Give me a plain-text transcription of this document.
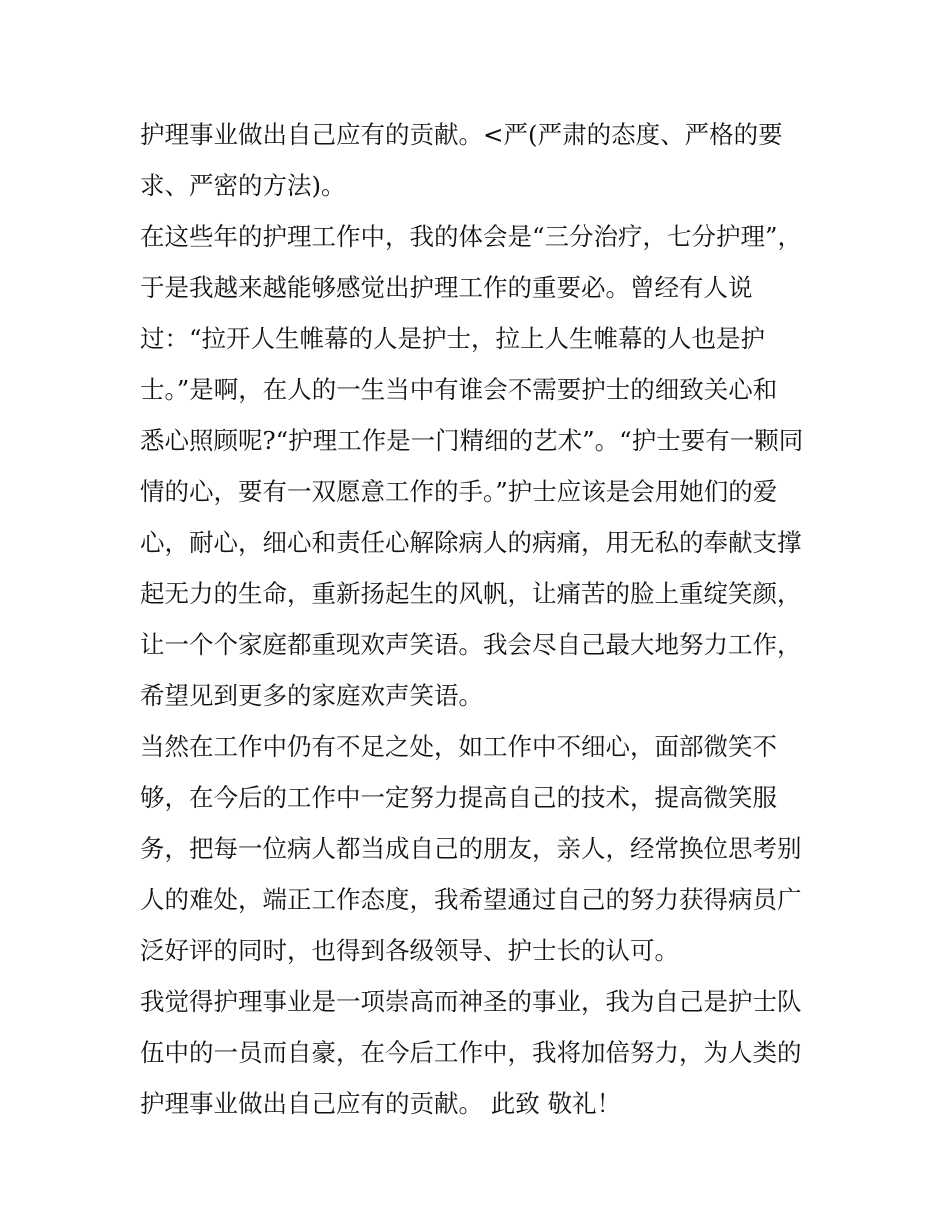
护理事业做出自己应有的贡献。<严(严肃的态度、严格的要
求、严密的方法)。
在这些年的护理工作中，我的体会是“三分治疗，七分护理”，
于是我越来越能够感觉出护理工作的重要必。曾经有人说
过：“拉开人生帷幕的人是护士，拉上人生帷幕的人也是护
士。”是啊，在人的一生当中有谁会不需要护士的细致关心和
悉心照顾呢?“护理工作是一门精细的艺术”。“护士要有一颗同
情的心，要有一双愿意工作的手。”护士应该是会用她们的爱
心，耐心，细心和责任心解除病人的病痛，用无私的奉献支撑
起无力的生命，重新扬起生的风帆，让痛苦的脸上重绽笑颜，
让一个个家庭都重现欢声笑语。我会尽自己最大地努力工作，
希望见到更多的家庭欢声笑语。
当然在工作中仍有不足之处，如工作中不细心，面部微笑不
够，在今后的工作中一定努力提高自己的技术，提高微笑服
务，把每一位病人都当成自己的朋友，亲人，经常换位思考别
人的难处，端正工作态度，我希望通过自己的努力获得病员广
泛好评的同时，也得到各级领导、护士长的认可。
我觉得护理事业是一项崇高而神圣的事业，我为自己是护士队
伍中的一员而自豪，在今后工作中，我将加倍努力，为人类的
护理事业做出自己应有的贡献。 此致 敬礼！
